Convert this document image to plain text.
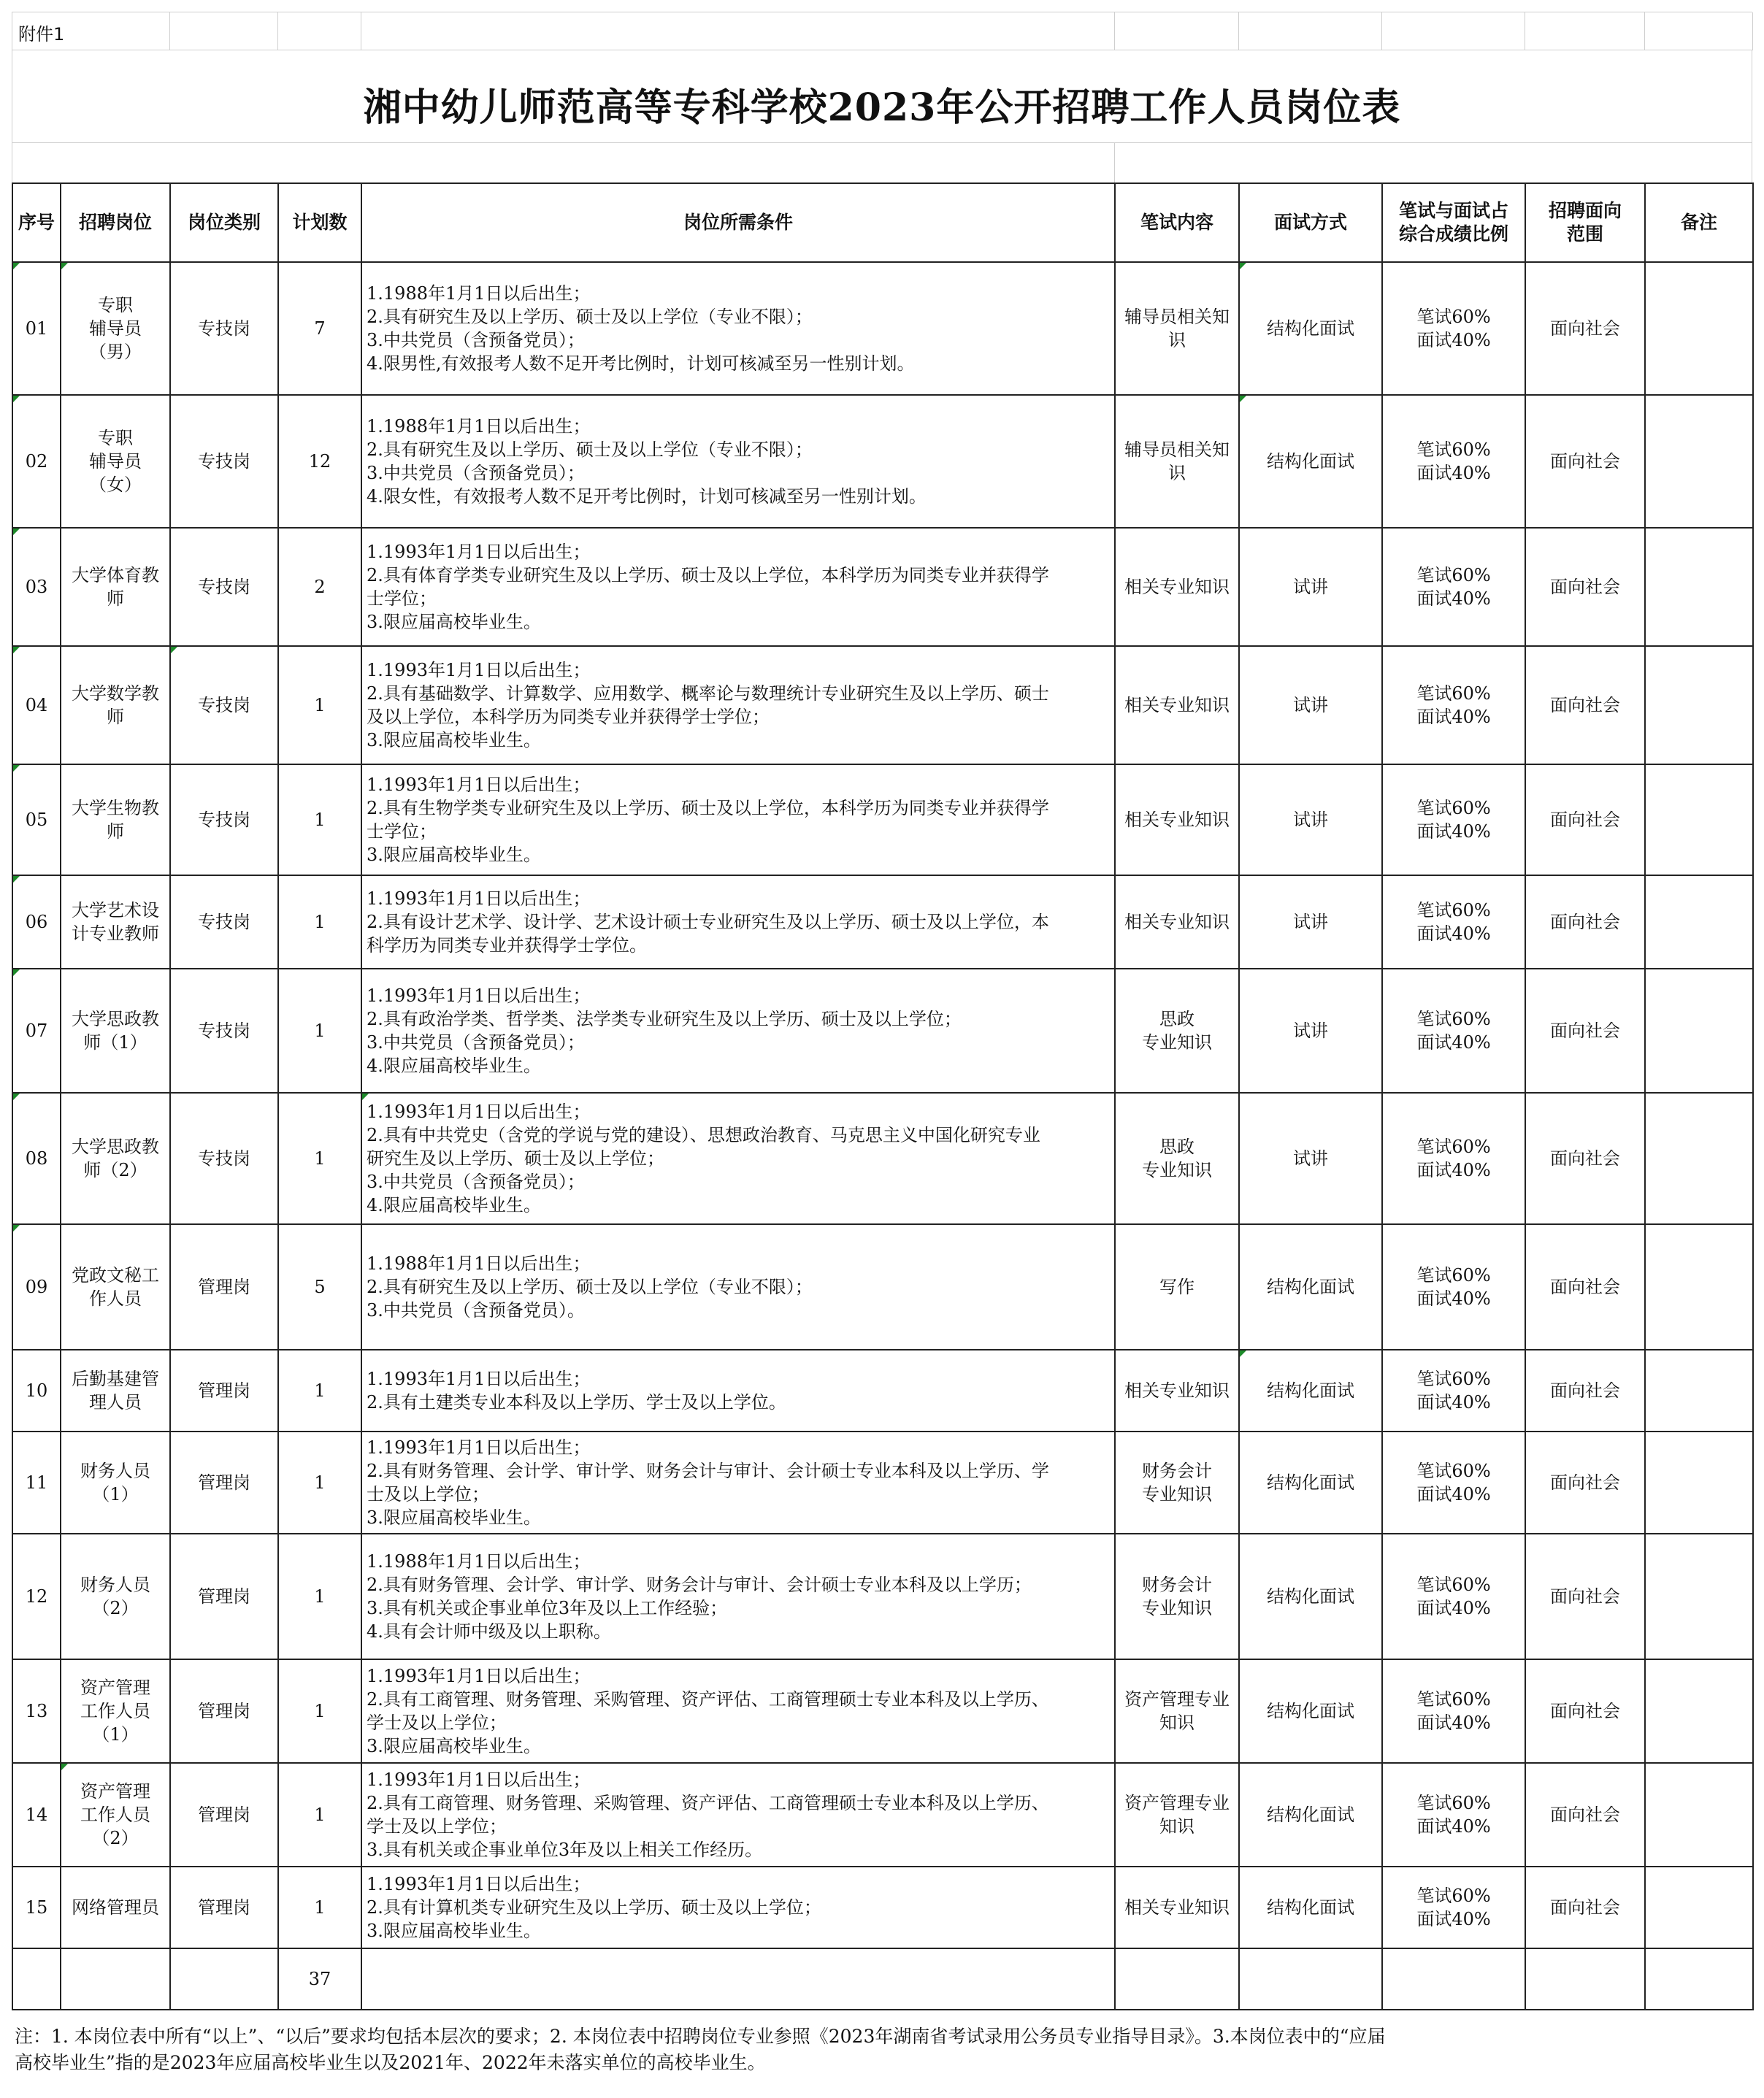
附件1
湘中幼儿师范高等专科学校2023年公开招聘工作人员岗位表
序号	招聘岗位	岗位类别	计划数	岗位所需条件	笔试内容	面试方式	笔试与面试占
综合成绩比例	招聘面向
范围	备注
01	专职
辅导员
（男）	专技岗	7	1.1988年1月1日以后出生；
2.具有研究生及以上学历、硕士及以上学位（专业不限）；
3.中共党员（含预备党员）；
4.限男性,有效报考人数不足开考比例时，计划可核减至另一性别计划。	辅导员相关知
识	结构化面试	笔试60%
面试40%	面向社会	
02	专职
辅导员
（女）	专技岗	12	1.1988年1月1日以后出生；
2.具有研究生及以上学历、硕士及以上学位（专业不限）；
3.中共党员（含预备党员）；
4.限女性，有效报考人数不足开考比例时，计划可核减至另一性别计划。	辅导员相关知
识	结构化面试	笔试60%
面试40%	面向社会	
03	大学体育教
师	专技岗	2	1.1993年1月1日以后出生；
2.具有体育学类专业研究生及以上学历、硕士及以上学位，本科学历为同类专业并获得学
士学位；
3.限应届高校毕业生。	相关专业知识	试讲	笔试60%
面试40%	面向社会	
04	大学数学教
师	专技岗	1	1.1993年1月1日以后出生；
2.具有基础数学、计算数学、应用数学、概率论与数理统计专业研究生及以上学历、硕士
及以上学位，本科学历为同类专业并获得学士学位；
3.限应届高校毕业生。	相关专业知识	试讲	笔试60%
面试40%	面向社会	
05	大学生物教
师	专技岗	1	1.1993年1月1日以后出生；
2.具有生物学类专业研究生及以上学历、硕士及以上学位，本科学历为同类专业并获得学
士学位；
3.限应届高校毕业生。	相关专业知识	试讲	笔试60%
面试40%	面向社会	
06	大学艺术设
计专业教师	专技岗	1	1.1993年1月1日以后出生；
2.具有设计艺术学、设计学、艺术设计硕士专业研究生及以上学历、硕士及以上学位，本
科学历为同类专业并获得学士学位。	相关专业知识	试讲	笔试60%
面试40%	面向社会	
07	大学思政教
师（1）	专技岗	1	1.1993年1月1日以后出生；
2.具有政治学类、哲学类、法学类专业研究生及以上学历、硕士及以上学位；
3.中共党员（含预备党员）；
4.限应届高校毕业生。	思政
专业知识	试讲	笔试60%
面试40%	面向社会	
08	大学思政教
师（2）	专技岗	1	1.1993年1月1日以后出生；
2.具有中共党史（含党的学说与党的建设）、思想政治教育、马克思主义中国化研究专业
研究生及以上学历、硕士及以上学位；
3.中共党员（含预备党员）；
4.限应届高校毕业生。	思政
专业知识	试讲	笔试60%
面试40%	面向社会	
09	党政文秘工
作人员	管理岗	5	1.1988年1月1日以后出生；
2.具有研究生及以上学历、硕士及以上学位（专业不限）；
3.中共党员（含预备党员）。	写作	结构化面试	笔试60%
面试40%	面向社会	
10	后勤基建管
理人员	管理岗	1	1.1993年1月1日以后出生；
2.具有土建类专业本科及以上学历、学士及以上学位。	相关专业知识	结构化面试	笔试60%
面试40%	面向社会	
11	财务人员
（1）	管理岗	1	1.1993年1月1日以后出生；
2.具有财务管理、会计学、审计学、财务会计与审计、会计硕士专业本科及以上学历、学
士及以上学位；
3.限应届高校毕业生。	财务会计
专业知识	结构化面试	笔试60%
面试40%	面向社会	
12	财务人员
（2）	管理岗	1	1.1988年1月1日以后出生；
2.具有财务管理、会计学、审计学、财务会计与审计、会计硕士专业本科及以上学历；
3.具有机关或企事业单位3年及以上工作经验；
4.具有会计师中级及以上职称。	财务会计
专业知识	结构化面试	笔试60%
面试40%	面向社会	
13	资产管理
工作人员
（1）	管理岗	1	1.1993年1月1日以后出生；
2.具有工商管理、财务管理、采购管理、资产评估、工商管理硕士专业本科及以上学历、
学士及以上学位；
3.限应届高校毕业生。	资产管理专业
知识	结构化面试	笔试60%
面试40%	面向社会	
14	资产管理
工作人员
（2）	管理岗	1	1.1993年1月1日以后出生；
2.具有工商管理、财务管理、采购管理、资产评估、工商管理硕士专业本科及以上学历、
学士及以上学位；
3.具有机关或企事业单位3年及以上相关工作经历。	资产管理专业
知识	结构化面试	笔试60%
面试40%	面向社会	
15	网络管理员	管理岗	1	1.1993年1月1日以后出生；
2.具有计算机类专业研究生及以上学历、硕士及以上学位；
3.限应届高校毕业生。	相关专业知识	结构化面试	笔试60%
面试40%	面向社会	
			37						
注：1. 本岗位表中所有“以上”、“以后”要求均包括本层次的要求；2. 本岗位表中招聘岗位专业参照《2023年湖南省考试录用公务员专业指导目录》。3.本岗位表中的“应届
高校毕业生”指的是2023年应届高校毕业生以及2021年、2022年未落实单位的高校毕业生。
